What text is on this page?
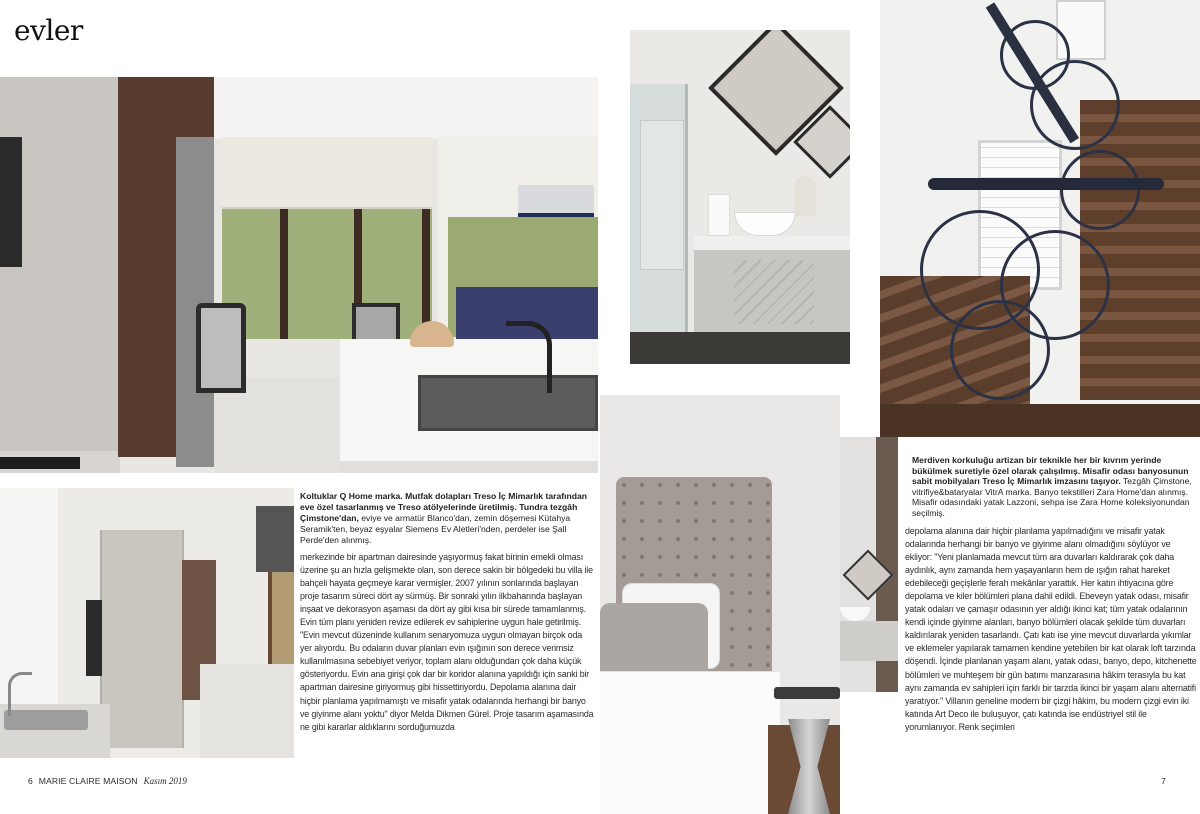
evler
Koltuklar Q Home marka. Mutfak dolapları Treso İç Mimarlık tarafından eve özel tasarlanmış ve Treso atölyelerinde üretilmiş. Tundra tezgâh Çimstone'dan, eviye ve armatür Blanco'dan, zemin döşemesi Kütahya Seramik'ten, beyaz eşyalar Siemens Ev Aletleri'nden, perdeler ise Şall Perde'den alınmış.
merkezinde bir apartman dairesinde yaşıyormuş fakat birinin emekli olması üzerine şu an hızla gelişmekte olan, son derece sakin bir bölgedeki bu villa ile bahçeli hayata geçmeye karar vermişler. 2007 yılının sonlarında başlayan proje tasarım süreci dört ay sürmüş. Bir sonraki yılın ilkbaharında başlayan inşaat ve dekorasyon aşaması da dört ay gibi kısa bir sürede tamamlanmış. Evin tüm planı yeniden revize edilerek ev sahiplerine uygun hale getirilmiş. "Evin mevcut düzeninde kullanım senaryomuza uygun olmayan birçok oda yer alıyordu. Bu odaların duvar planları evin ışığının son derece verimsiz kullanılmasına sebebiyet veriyor, toplam alanı olduğundan çok daha küçük gösteriyordu. Evin ana girişi çok dar bir koridor alanına yapıldığı için sanki bir apartman dairesine giriyormuş gibi hissettiriyordu. Depolama alanına dair hiçbir planlama yapılmamıştı ve misafir yatak odalarında herhangi bir banyo ve giyinme alanı yoktu" diyor Melda Dikmen Gürel. Proje tasarım aşamasında ne gibi kararlar aldıklarını sorduğumuzda
Merdiven korkuluğu artizan bir teknikle her bir kıvrım yerinde bükülmek suretiyle özel olarak çalışılmış. Misafir odası banyosunun sabit mobilyaları Treso İç Mimarlık imzasını taşıyor. Tezgâh Çimstone, vitrifiye&bataryalar VitrA marka. Banyo tekstilleri Zara Home'dan alınmış. Misafir odasındaki yatak Lazzoni, sehpa ise Zara Home koleksiyonundan seçilmiş.
depolama alanına dair hiçbir planlama yapılmadığını ve misafir yatak odalarında herhangi bir banyo ve giyinme alanı olmadığını söylüyor ve ekliyor: "Yeni planlamada mevcut tüm ara duvarları kaldırarak çok daha aydınlık, aynı zamanda hem yaşayanların hem de ışığın rahat hareket edebileceği geçişlerle ferah mekânlar yarattık. Her katın ihtiyacına göre depolama ve kiler bölümleri plana dahil edildi. Ebeveyn yatak odası, misafir yatak odaları ve çamaşır odasının yer aldığı ikinci kat; tüm yatak odalarının kendi içinde giyinme alanları, banyo bölümleri olacak şekilde tüm duvarları kaldırılarak yeniden tasarlandı. Çatı katı ise yine mevcut duvarlarda yıkımlar ve eklemeler yapılarak tamamen kendine yetebilen bir kat olarak loft tarzında döşendi. İçinde planlanan yaşam alanı, yatak odası, banyo, depo, kitchenette bölümleri ve muhteşem bir gün batımı manzarasına hâkim terasıyla bu kat aynı zamanda ev sahipleri için farklı bir tarzda ikinci bir yaşam alanı alternatifi yaratıyor." Villanın geneline modern bir çizgi hâkim, bu modern çizgi evin iki katında Art Deco ile buluşuyor, çatı katında ise endüstriyel stil ile yorumlanıyor. Renk seçimleri
6 MARIE CLAIRE MAISON Kasım 2019	7
